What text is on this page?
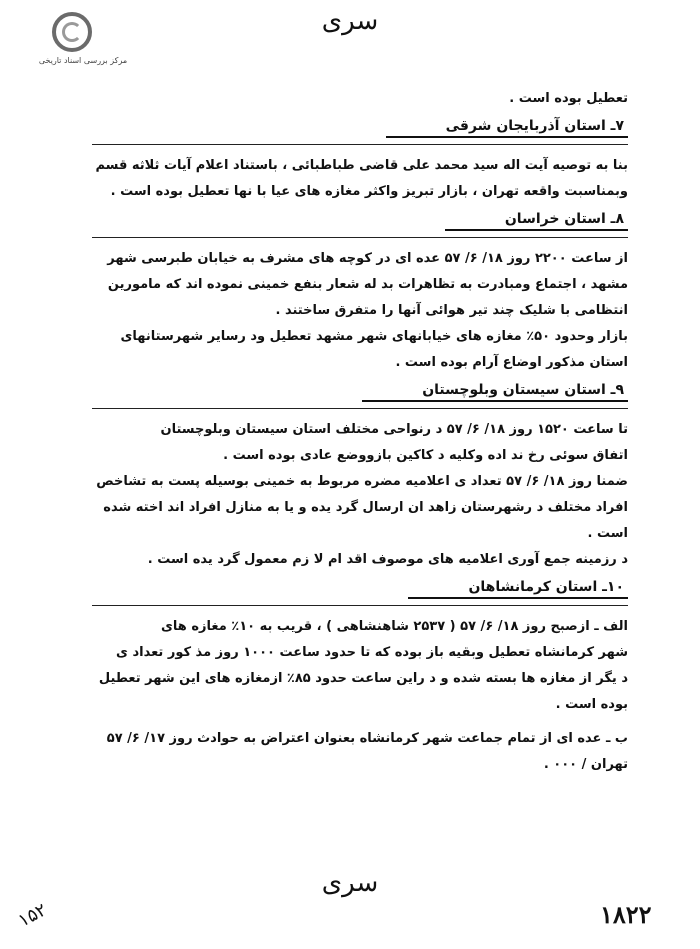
مرکز بررسی اسناد تاریخی
سری
تعطیل بوده است .
۷ـ استان آذربایجان شرقی
بنا به توصیه آیت اله سید محمد علی قاضی طباطبائی ، باستناد اعلام آیات ثلاثه قسم
وبمناسبت واقعه تهران ، بازار تبریز واکثر مغازه های عیا با نها تعطیل بوده است .
۸ـ استان خراسان
از ساعت ۲۲۰۰ روز ۱۸/ ۶/ ۵۷ عده ای در کوچه های مشرف به خیابان طبرسی شهر
مشهد ، اجتماع ومبادرت به تظاهرات بد له شعار بنفع خمینی نموده اند که مامورین
انتظامی با شلیک چند تیر هوائی آنها را متفرق ساختند .
بازار وحدود ۵۰٪ مغازه های خیابانهای شهر مشهد تعطیل ود رسایر شهرستانهای
استان مذکور اوضاع آرام بوده است .
۹ـ استان سیستان وبلوچستان
تا ساعت ۱۵۲۰ روز ۱۸/ ۶/ ۵۷ د رنواحی مختلف استان سیستان وبلوچستان
اتفاق سوئی رخ ند اده وکلیه د کاکین بازووضع عادی بوده است .
ضمنا روز ۱۸/ ۶/ ۵۷ تعداد ی اعلامیه مضره مربوط به خمینی بوسیله پست به تشاخص
افراد مختلف د رشهرستان زاهد ان ارسال گرد یده و یا به منازل افراد اند اخته شده
است .
د رزمینه جمع آوری اعلامیه های موصوف اقد ام لا زم معمول گرد یده است .
۱۰ـ استان کرمانشاهان
الف ـ ازصبح روز ۱۸/ ۶/ ۵۷ ( ۲۵۳۷ شاهنشاهی ) ، قریب به ۱۰٪ مغازه های
شهر کرمانشاه تعطیل وبقیه باز بوده که تا حدود ساعت ۱۰۰۰ روز مذ کور تعداد ی
د یگر از مغازه ها بسته شده و د راین ساعت حدود ۸۵٪ ازمغازه های این شهر تعطیل
بوده است .
ب ـ عده ای از تمام جماعت شهر کرمانشاه بعنوان اعتراض به حوادث روز ۱۷/ ۶/ ۵۷
تهران / ۰۰۰ .
سری
۱۵۲	۱۸۲۲
